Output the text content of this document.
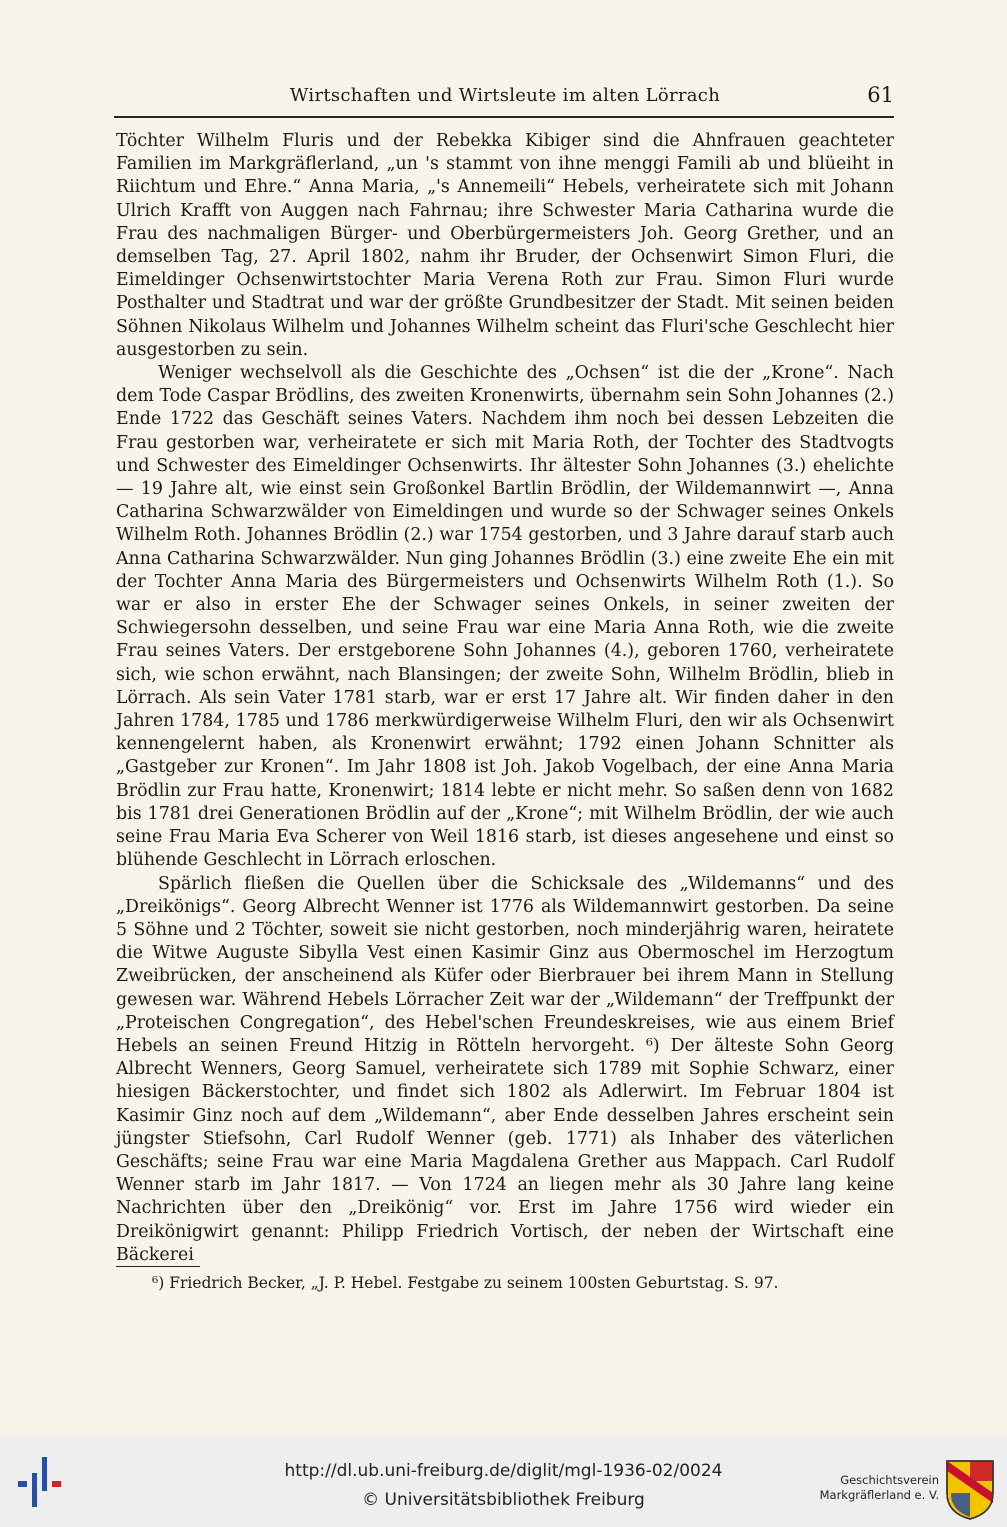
Wirtschaften und Wirtsleute im alten Lörrach	61

Töchter Wilhelm Fluris und der Rebekka Kibiger sind die Ahnfrauen geachteter Familien im Markgräflerland, „un 's stammt von ihne menggi Famili ab und blüeiht in Riichtum und Ehre.“ Anna Maria, „'s Annemeili“ Hebels, verheiratete sich mit Johann Ulrich Krafft von Auggen nach Fahrnau; ihre Schwester Maria Catharina wurde die Frau des nachmaligen Bürger- und Oberbürgermeisters Joh. Georg Grether, und an demselben Tag, 27. April 1802, nahm ihr Bruder, der Ochsenwirt Simon Fluri, die Eimeldinger Ochsenwirtstochter Maria Verena Roth zur Frau. Simon Fluri wurde Posthalter und Stadtrat und war der größte Grundbesitzer der Stadt. Mit seinen beiden Söhnen Nikolaus Wilhelm und Johannes Wilhelm scheint das Fluri'sche Geschlecht hier ausgestorben zu sein.

Weniger wechselvoll als die Geschichte des „Ochsen“ ist die der „Krone“. Nach dem Tode Caspar Brödlins, des zweiten Kronenwirts, übernahm sein Sohn Johannes (2.) Ende 1722 das Geschäft seines Vaters. Nachdem ihm noch bei dessen Lebzeiten die Frau gestorben war, verheiratete er sich mit Maria Roth, der Tochter des Stadtvogts und Schwester des Eimeldinger Ochsenwirts. Ihr ältester Sohn Johannes (3.) ehelichte — 19 Jahre alt, wie einst sein Großonkel Bartlin Brödlin, der Wildemannwirt —, Anna Catharina Schwarzwälder von Eimeldingen und wurde so der Schwager seines Onkels Wilhelm Roth. Johannes Brödlin (2.) war 1754 gestorben, und 3 Jahre darauf starb auch Anna Catharina Schwarzwälder. Nun ging Johannes Brödlin (3.) eine zweite Ehe ein mit der Tochter Anna Maria des Bürgermeisters und Ochsenwirts Wilhelm Roth (1.). So war er also in erster Ehe der Schwager seines Onkels, in seiner zweiten der Schwiegersohn desselben, und seine Frau war eine Maria Anna Roth, wie die zweite Frau seines Vaters. Der erstgeborene Sohn Johannes (4.), geboren 1760, verheiratete sich, wie schon erwähnt, nach Blansingen; der zweite Sohn, Wilhelm Brödlin, blieb in Lörrach. Als sein Vater 1781 starb, war er erst 17 Jahre alt. Wir finden daher in den Jahren 1784, 1785 und 1786 merkwürdigerweise Wilhelm Fluri, den wir als Ochsenwirt kennengelernt haben, als Kronenwirt erwähnt; 1792 einen Johann Schnitter als „Gastgeber zur Kronen“. Im Jahr 1808 ist Joh. Jakob Vogelbach, der eine Anna Maria Brödlin zur Frau hatte, Kronenwirt; 1814 lebte er nicht mehr. So saßen denn von 1682 bis 1781 drei Generationen Brödlin auf der „Krone“; mit Wilhelm Brödlin, der wie auch seine Frau Maria Eva Scherer von Weil 1816 starb, ist dieses angesehene und einst so blühende Geschlecht in Lörrach erloschen.

Spärlich fließen die Quellen über die Schicksale des „Wildemanns“ und des „Dreikönigs“. Georg Albrecht Wenner ist 1776 als Wildemannwirt gestorben. Da seine 5 Söhne und 2 Töchter, soweit sie nicht gestorben, noch minderjährig waren, heiratete die Witwe Auguste Sibylla Vest einen Kasimir Ginz aus Obermoschel im Herzogtum Zweibrücken, der anscheinend als Küfer oder Bierbrauer bei ihrem Mann in Stellung gewesen war. Während Hebels Lörracher Zeit war der „Wildemann“ der Treffpunkt der „Proteischen Congregation“, des Hebel'schen Freundeskreises, wie aus einem Brief Hebels an seinen Freund Hitzig in Rötteln hervorgeht. ⁶) Der älteste Sohn Georg Albrecht Wenners, Georg Samuel, verheiratete sich 1789 mit Sophie Schwarz, einer hiesigen Bäckerstochter, und findet sich 1802 als Adlerwirt. Im Februar 1804 ist Kasimir Ginz noch auf dem „Wildemann“, aber Ende desselben Jahres erscheint sein jüngster Stiefsohn, Carl Rudolf Wenner (geb. 1771) als Inhaber des väterlichen Geschäfts; seine Frau war eine Maria Magdalena Grether aus Mappach. Carl Rudolf Wenner starb im Jahr 1817. — Von 1724 an liegen mehr als 30 Jahre lang keine Nachrichten über den „Dreikönig“ vor. Erst im Jahre 1756 wird wieder ein Dreikönigwirt genannt: Philipp Friedrich Vortisch, der neben der Wirtschaft eine Bäckerei

⁶) Friedrich Becker, „J. P. Hebel. Festgabe zu seinem 100sten Geburtstag. S. 97.
http://dl.ub.uni-freiburg.de/diglit/mgl-1936-02/0024
© Universitätsbibliothek Freiburg
Geschichtsverein
Markgräflerland e. V.
